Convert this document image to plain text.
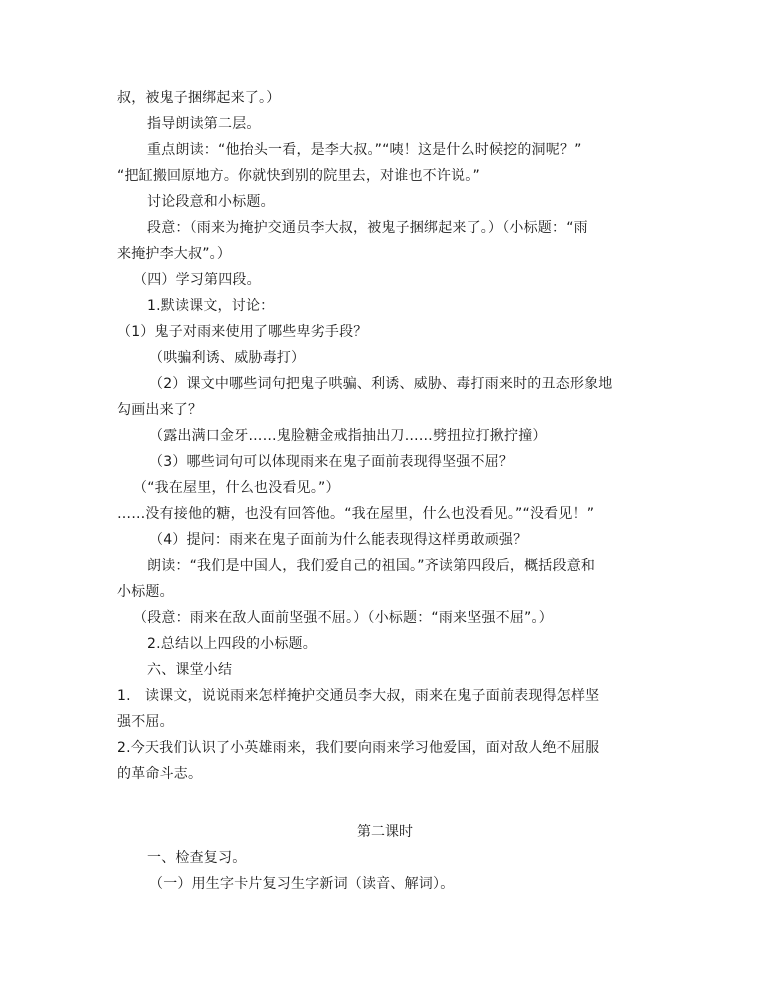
叔，被鬼子捆绑起来了。）
指导朗读第二层。
重点朗读：“他抬头一看，是李大叔。”“咦！这是什么时候挖的洞呢？”
“把缸搬回原地方。你就快到别的院里去，对谁也不许说。”
讨论段意和小标题。
段意：（雨来为掩护交通员李大叔，被鬼子捆绑起来了。）（小标题：“雨
来掩护李大叔”。）
（四）学习第四段。
1.默读课文，讨论：
（1）鬼子对雨来使用了哪些卑劣手段？
（哄骗利诱、威胁毒打）
（2）课文中哪些词句把鬼子哄骗、利诱、威胁、毒打雨来时的丑态形象地
勾画出来了？
（露出满口金牙……鬼脸糖金戒指抽出刀……劈扭拉打揪拧撞）
（3）哪些词句可以体现雨来在鬼子面前表现得坚强不屈？
（“我在屋里，什么也没看见。”）
……没有接他的糖，也没有回答他。“我在屋里，什么也没看见。”“没看见！”
（4）提问：雨来在鬼子面前为什么能表现得这样勇敢顽强？
朗读：“我们是中国人，我们爱自己的祖国。”齐读第四段后，概括段意和
小标题。
（段意：雨来在敌人面前坚强不屈。）（小标题：“雨来坚强不屈”。）
2.总结以上四段的小标题。
六、课堂小结
1.　读课文，说说雨来怎样掩护交通员李大叔，雨来在鬼子面前表现得怎样坚
强不屈。
2.今天我们认识了小英雄雨来，我们要向雨来学习他爱国，面对敌人绝不屈服
的革命斗志。
第二课时
一、检查复习。
（一）用生字卡片复习生字新词（读音、解词）。
